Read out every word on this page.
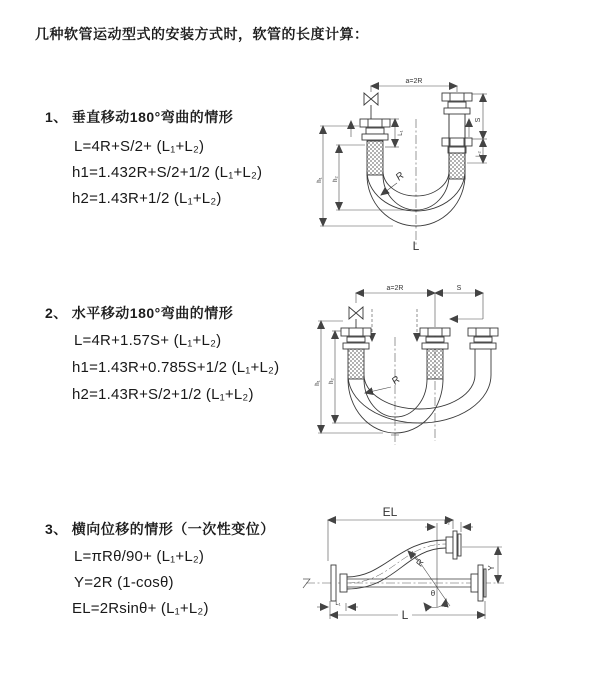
几种软管运动型式的安装方式时，软管的长度计算：
1、 垂直移动180°弯曲的情形
L=4R+S/2+ (L₁+L₂)
h1=1.432R+S/2+1/2 (L₁+L₂)
h2=1.43R+1/2 (L₁+L₂)
2、 水平移动180°弯曲的情形
L=4R+1.57S+ (L₁+L₂)
h1=1.43R+0.785S+1/2 (L₁+L₂)
h2=1.43R+S/2+1/2 (L₁+L₂)
3、 横向位移的情形（一次性变位）
L=πRθ/90+ (L₁+L₂)
Y=2R (1-cosθ)
EL=2Rsinθ+ (L₁+L₂)
a=2R
S
L₂
L₁
h₁ h₂	R
L
a=2R	S
h₁ h₂	R
EL
L₂
Y
R
θ
L
L₁
